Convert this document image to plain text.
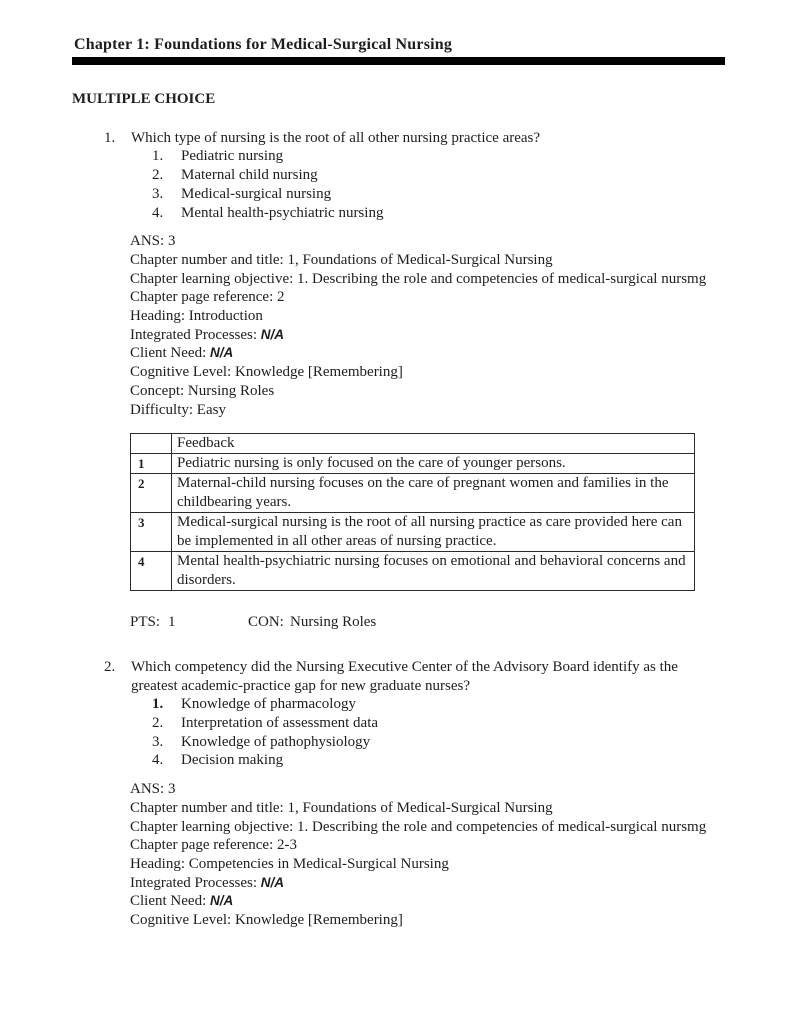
Chapter 1: Foundations for Medical-Surgical Nursing
MULTIPLE CHOICE
1.	Which type of nursing is the root of all other nursing practice areas?
1.	Pediatric nursing
2.	Maternal child nursing
3.	Medical-surgical nursing
4.	Mental health-psychiatric nursing
ANS: 3
Chapter number and title: 1, Foundations of Medical-Surgical Nursing
Chapter learning objective: 1. Describing the role and competencies of medical-surgical nursmg
Chapter page reference: 2
Heading: Introduction
Integrated Processes: N/A
Client Need: N/A
Cognitive Level: Knowledge [Remembering]
Concept: Nursing Roles
Difficulty: Easy
	Feedback
1	Pediatric nursing is only focused on the care of younger persons.
2	Maternal-child nursing focuses on the care of pregnant women and families in the childbearing years.
3	Medical-surgical nursing is the root of all nursing practice as care provided here can be implemented in all other areas of nursing practice.
4	Mental health-psychiatric nursing focuses on emotional and behavioral concerns and disorders.
PTS: 1	CON: Nursing Roles
2.	Which competency did the Nursing Executive Center of the Advisory Board identify as the greatest academic-practice gap for new graduate nurses?
1.	Knowledge of pharmacology
2.	Interpretation of assessment data
3.	Knowledge of pathophysiology
4.	Decision making
ANS: 3
Chapter number and title: 1, Foundations of Medical-Surgical Nursing
Chapter learning objective: 1. Describing the role and competencies of medical-surgical nursmg
Chapter page reference: 2-3
Heading: Competencies in Medical-Surgical Nursing
Integrated Processes: N/A
Client Need: N/A
Cognitive Level: Knowledge [Remembering]
